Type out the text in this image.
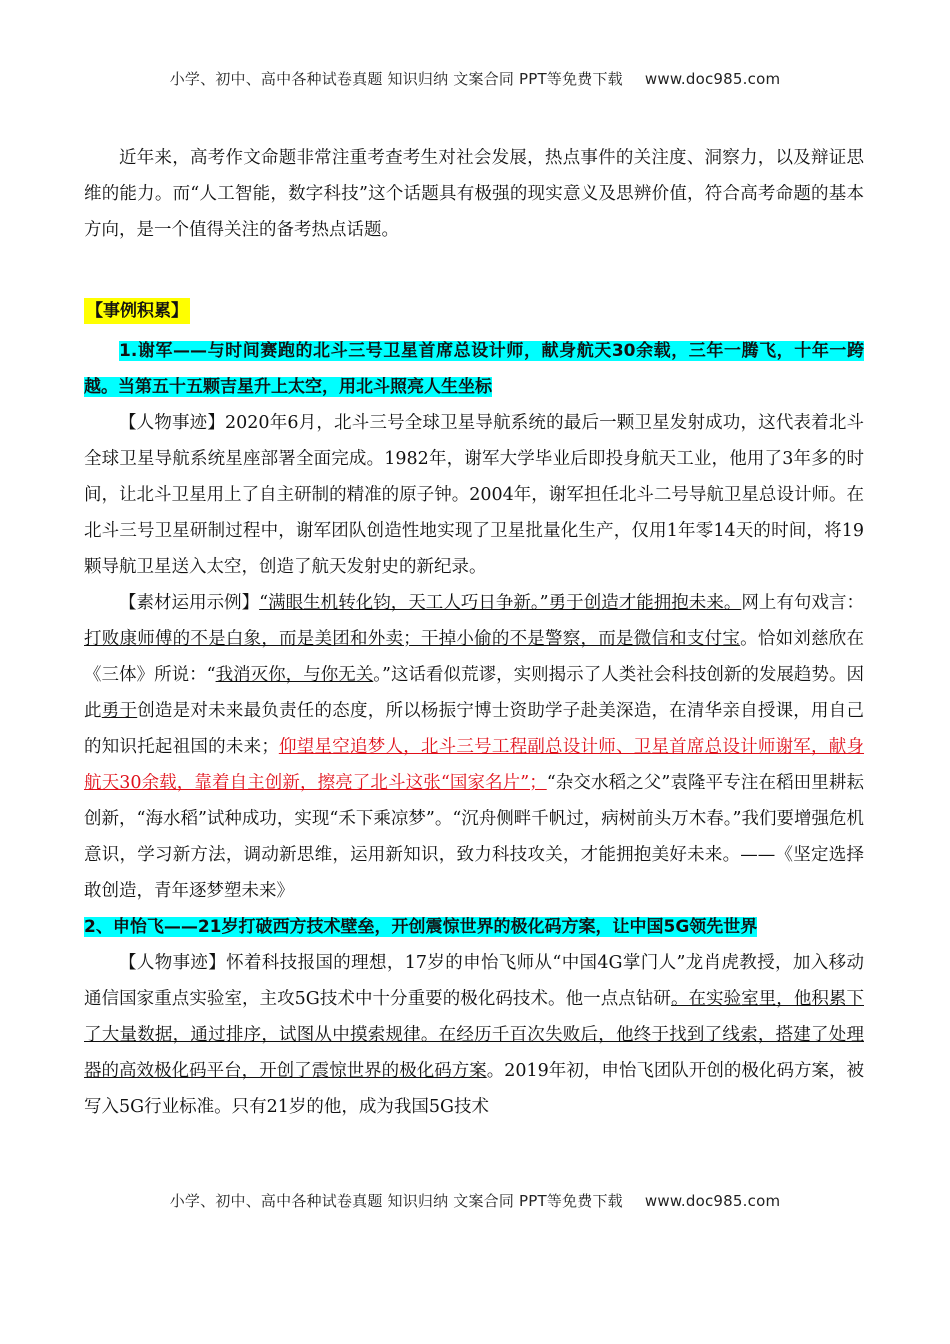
小学、初中、高中各种试卷真题 知识归纳 文案合同 PPT等免费下载 www.doc985.com

近年来，高考作文命题非常注重考查考生对社会发展，热点事件的关注度、洞察力，以及辩证思维的能力。而“人工智能，数字科技”这个话题具有极强的现实意义及思辨价值，符合高考命题的基本方向，是一个值得关注的备考热点话题。

【事例积累】

1.谢军——与时间赛跑的北斗三号卫星首席总设计师，献身航天30余载，三年一腾飞，十年一跨越。当第五十五颗吉星升上太空，用北斗照亮人生坐标

【人物事迹】2020年6月，北斗三号全球卫星导航系统的最后一颗卫星发射成功，这代表着北斗全球卫星导航系统星座部署全面完成。1982年，谢军大学毕业后即投身航天工业，他用了3年多的时间，让北斗卫星用上了自主研制的精准的原子钟。2004年，谢军担任北斗二号导航卫星总设计师。在北斗三号卫星研制过程中，谢军团队创造性地实现了卫星批量化生产，仅用1年零14天的时间，将19颗导航卫星送入太空，创造了航天发射史的新纪录。

【素材运用示例】“满眼生机转化钧，天工人巧日争新。”勇于创造才能拥抱未来。网上有句戏言：打败康师傅的不是白象，而是美团和外卖；干掉小偷的不是警察，而是微信和支付宝。恰如刘慈欣在《三体》所说：“我消灭你，与你无关。”这话看似荒谬，实则揭示了人类社会科技创新的发展趋势。因此勇于创造是对未来最负责任的态度，所以杨振宁博士资助学子赴美深造，在清华亲自授课，用自己的知识托起祖国的未来；仰望星空追梦人，北斗三号工程副总设计师、卫星首席总设计师谢军，献身航天30余载，靠着自主创新，擦亮了北斗这张“国家名片”；“杂交水稻之父”袁隆平专注在稻田里耕耘创新，“海水稻”试种成功，实现“禾下乘凉梦”。“沉舟侧畔千帆过，病树前头万木春。”我们要增强危机意识，学习新方法，调动新思维，运用新知识，致力科技攻关，才能拥抱美好未来。——《坚定选择敢创造，青年逐梦塑未来》

2、申怡飞——21岁打破西方技术壁垒，开创震惊世界的极化码方案，让中国5G领先世界

【人物事迹】怀着科技报国的理想，17岁的申怡飞师从“中国4G掌门人”龙肖虎教授，加入移动通信国家重点实验室，主攻5G技术中十分重要的极化码技术。他一点点钻研。在实验室里，他积累下了大量数据，通过排序，试图从中摸索规律。在经历千百次失败后，他终于找到了线索，搭建了处理器的高效极化码平台，开创了震惊世界的极化码方案。2019年初，申怡飞团队开创的极化码方案，被写入5G行业标准。只有21岁的他，成为我国5G技术

小学、初中、高中各种试卷真题 知识归纳 文案合同 PPT等免费下载 www.doc985.com
